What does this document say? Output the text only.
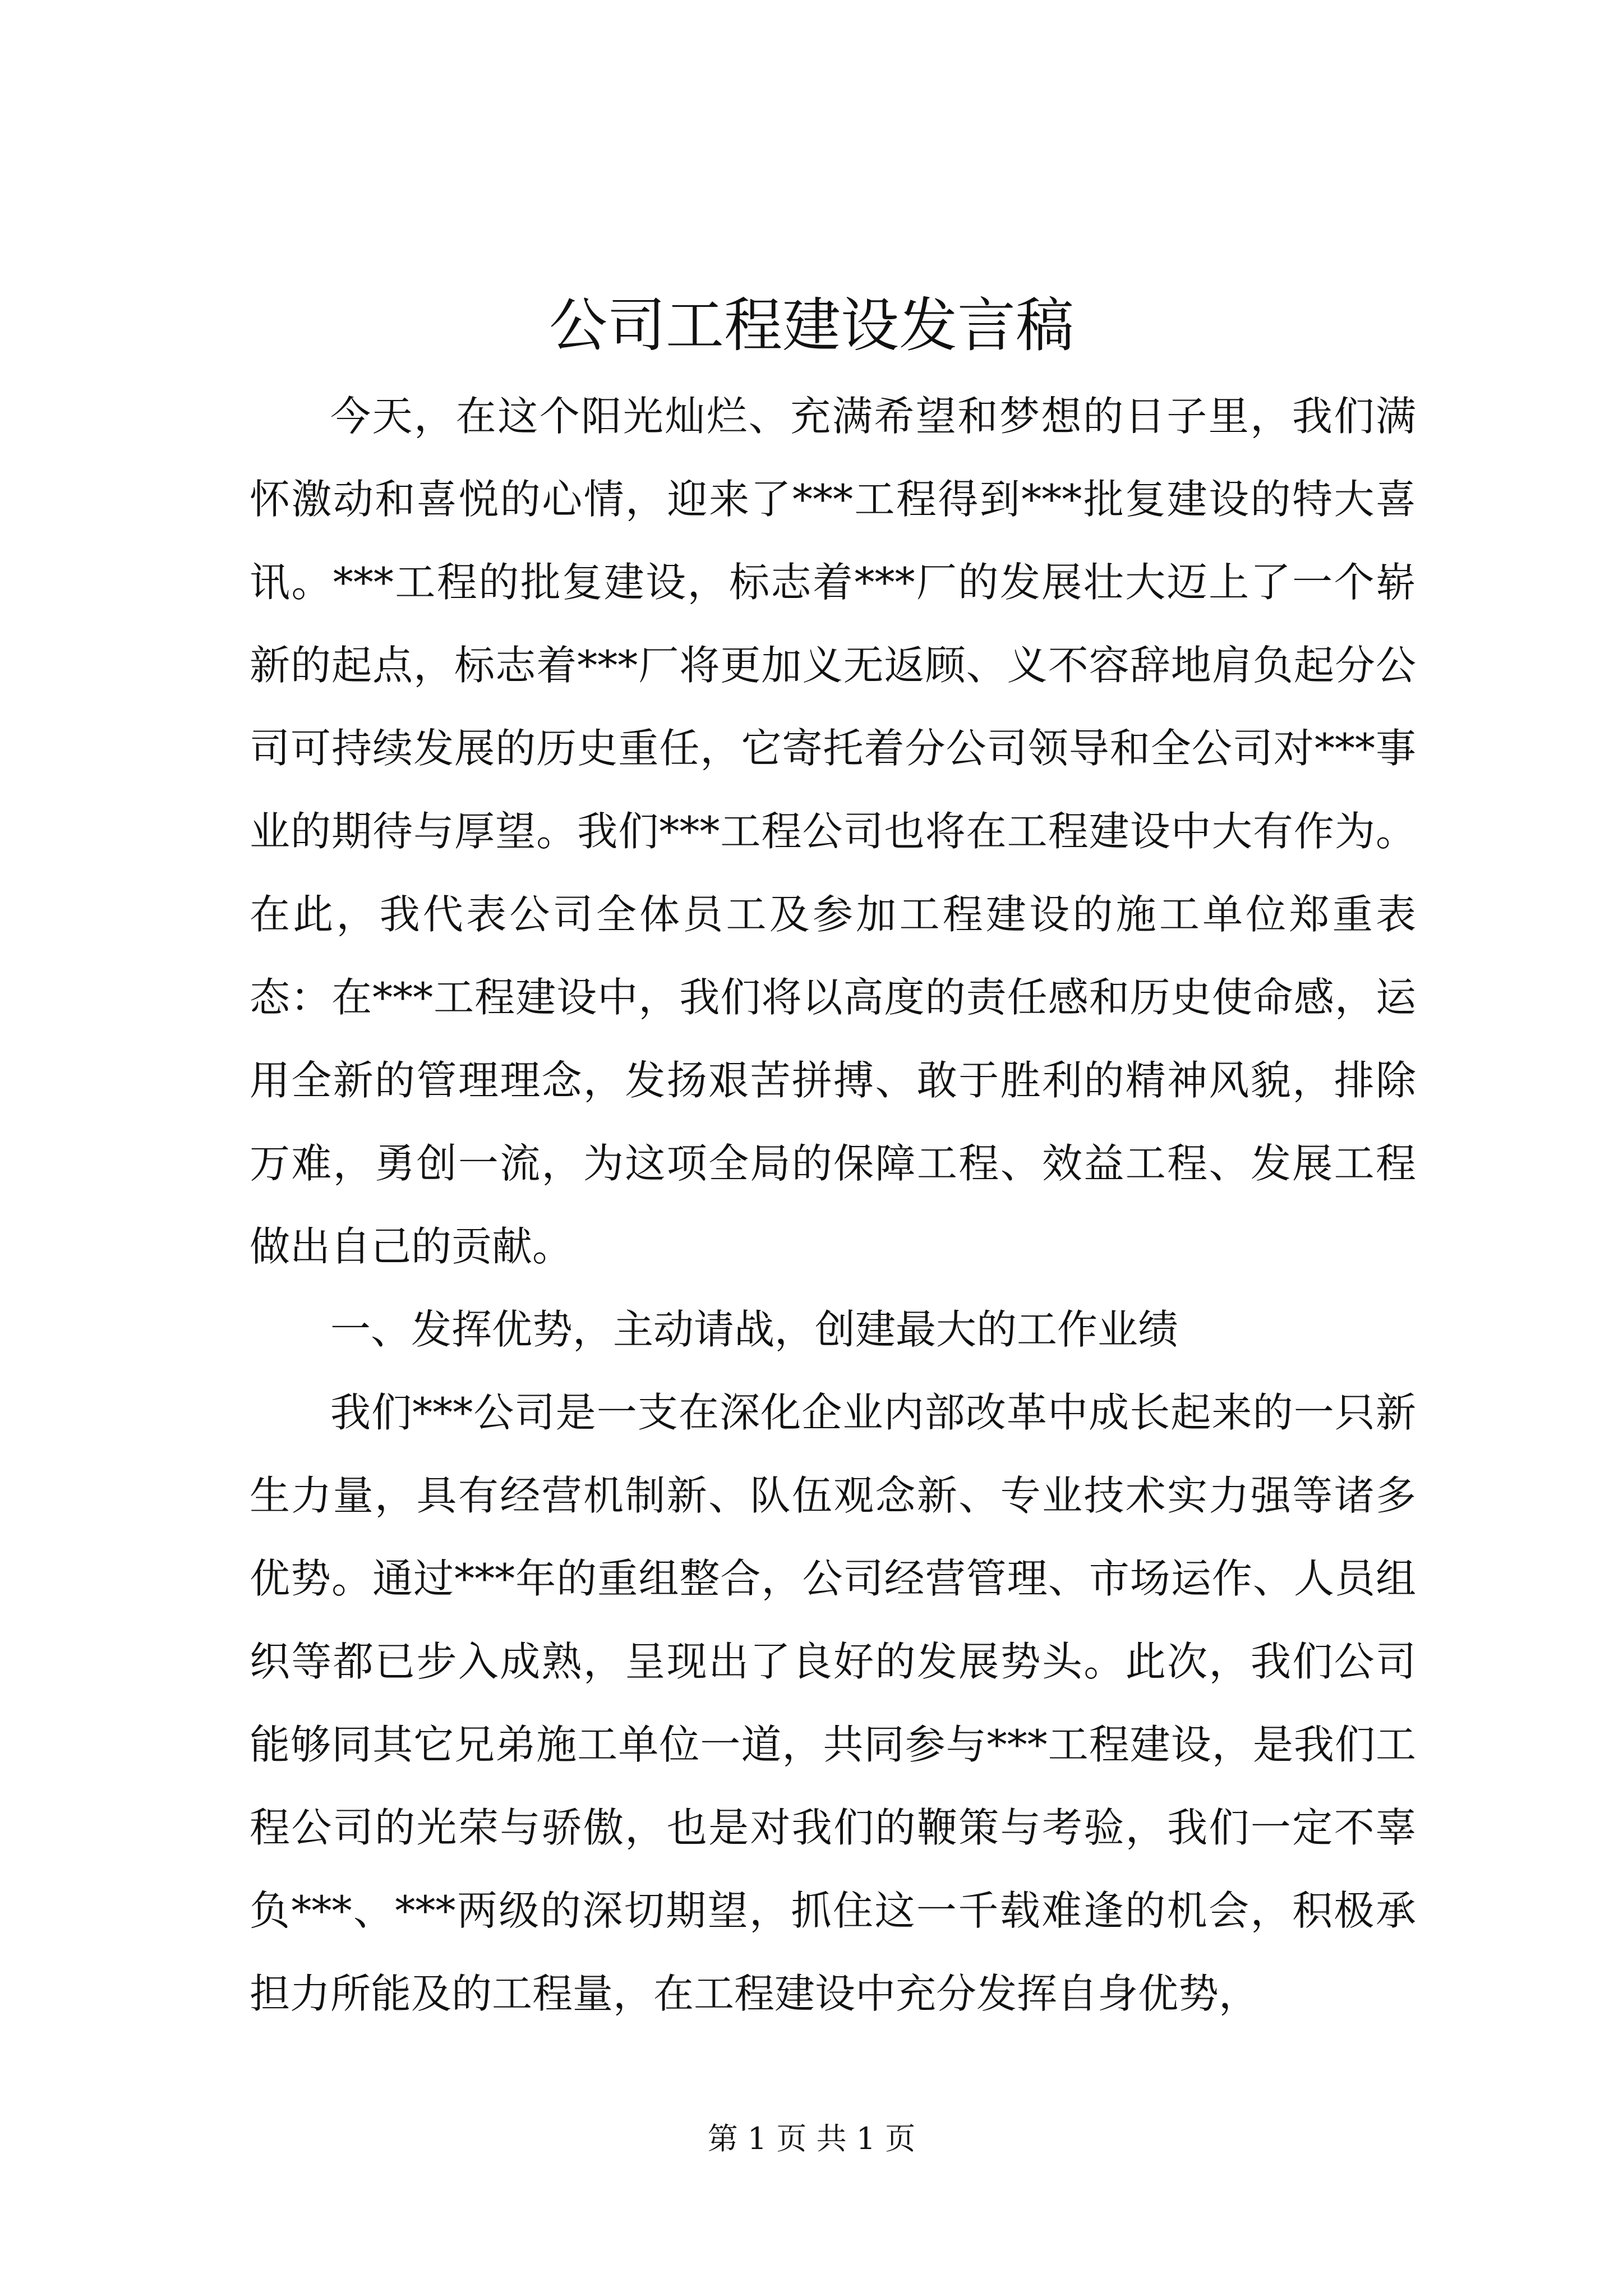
公司工程建设发言稿

今天，在这个阳光灿烂、充满希望和梦想的日子里，我们满怀激动和喜悦的心情，迎来了***工程得到***批复建设的特大喜讯。***工程的批复建设，标志着***厂的发展壮大迈上了一个崭新的起点，标志着***厂将更加义无返顾、义不容辞地肩负起分公司可持续发展的历史重任，它寄托着分公司领导和全公司对***事业的期待与厚望。我们***工程公司也将在工程建设中大有作为。在此，我代表公司全体员工及参加工程建设的施工单位郑重表态：在***工程建设中，我们将以高度的责任感和历史使命感，运用全新的管理理念，发扬艰苦拼搏、敢于胜利的精神风貌，排除万难，勇创一流，为这项全局的保障工程、效益工程、发展工程做出自己的贡献。

一、发挥优势，主动请战，创建最大的工作业绩

我们***公司是一支在深化企业内部改革中成长起来的一只新生力量，具有经营机制新、队伍观念新、专业技术实力强等诸多优势。通过***年的重组整合，公司经营管理、市场运作、人员组织等都已步入成熟，呈现出了良好的发展势头。此次，我们公司能够同其它兄弟施工单位一道，共同参与***工程建设，是我们工程公司的光荣与骄傲，也是对我们的鞭策与考验，我们一定不辜负***、***两级的深切期望，抓住这一千载难逢的机会，积极承担力所能及的工程量，在工程建设中充分发挥自身优势，

第 1 页 共 1 页
